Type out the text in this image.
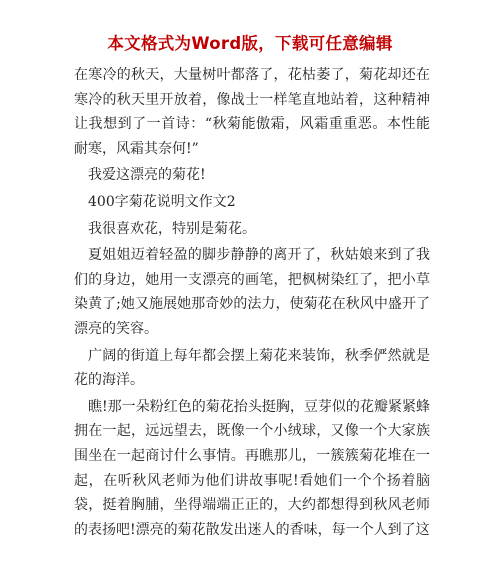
本文格式为Word版，下载可任意编辑

在寒冷的秋天，大量树叶都落了，花枯萎了，菊花却还在寒冷的秋天里开放着，像战士一样笔直地站着，这种精神让我想到了一首诗：“秋菊能傲霜，风霜重重恶。本性能耐寒，风霜其奈何!”

我爱这漂亮的菊花!

400字菊花说明文作文2

我很喜欢花，特别是菊花。

夏姐姐迈着轻盈的脚步静静的离开了，秋姑娘来到了我们的身边，她用一支漂亮的画笔，把枫树染红了，把小草染黄了;她又施展她那奇妙的法力，使菊花在秋风中盛开了漂亮的笑容。

广阔的街道上每年都会摆上菊花来装饰，秋季俨然就是花的海洋。

瞧!那一朵粉红色的菊花抬头挺胸，豆芽似的花瓣紧紧蜂拥在一起，远远望去，既像一个小绒球，又像一个大家族围坐在一起商讨什么事情。再瞧那儿，一簇簇菊花堆在一起，在听秋风老师为他们讲故事呢!看她们一个个扬着脑袋，挺着胸脯，坐得端端正正的，大约都想得到秋风老师的表扬吧!漂亮的菊花散发出迷人的香味，每一个人到了这
